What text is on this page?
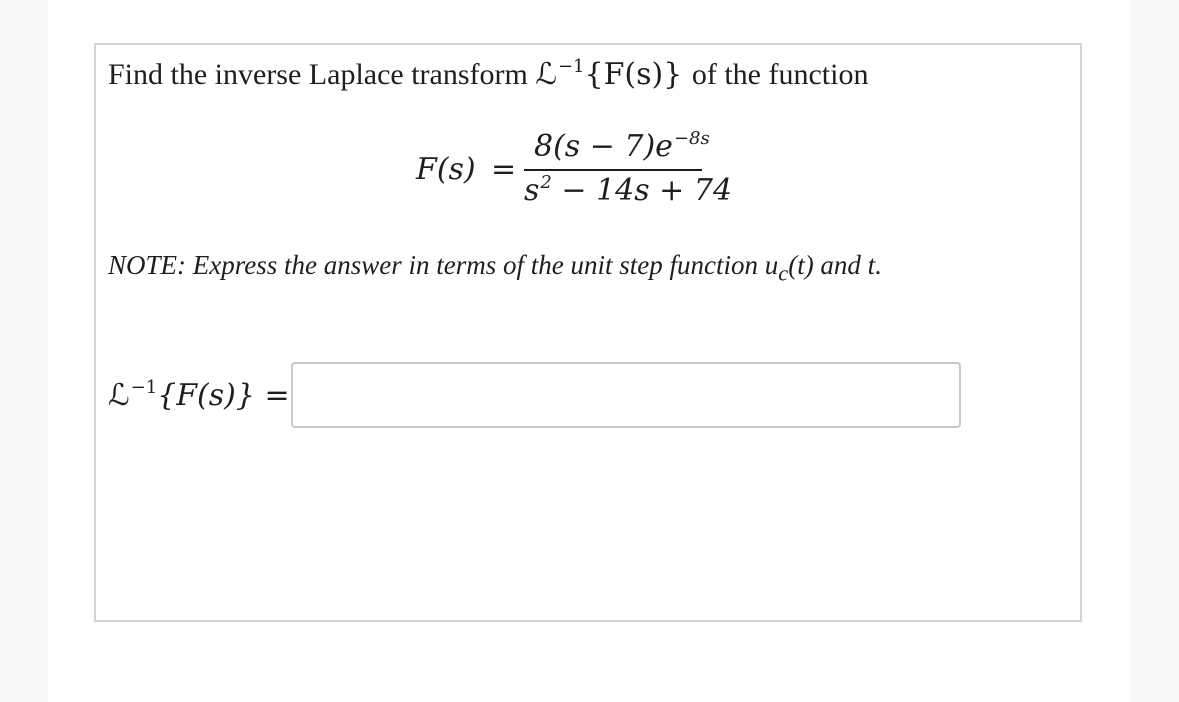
Find the inverse Laplace transform ℒ$^{-1}${F(s)} of the function
F(s) =
$8(s - 7)e^{-8s}$
$s^2 - 14s + 74$
NOTE: Express the answer in terms of the unit step function $u_c(t)$ and t.
ℒ$^{-1}${F(s)} =
